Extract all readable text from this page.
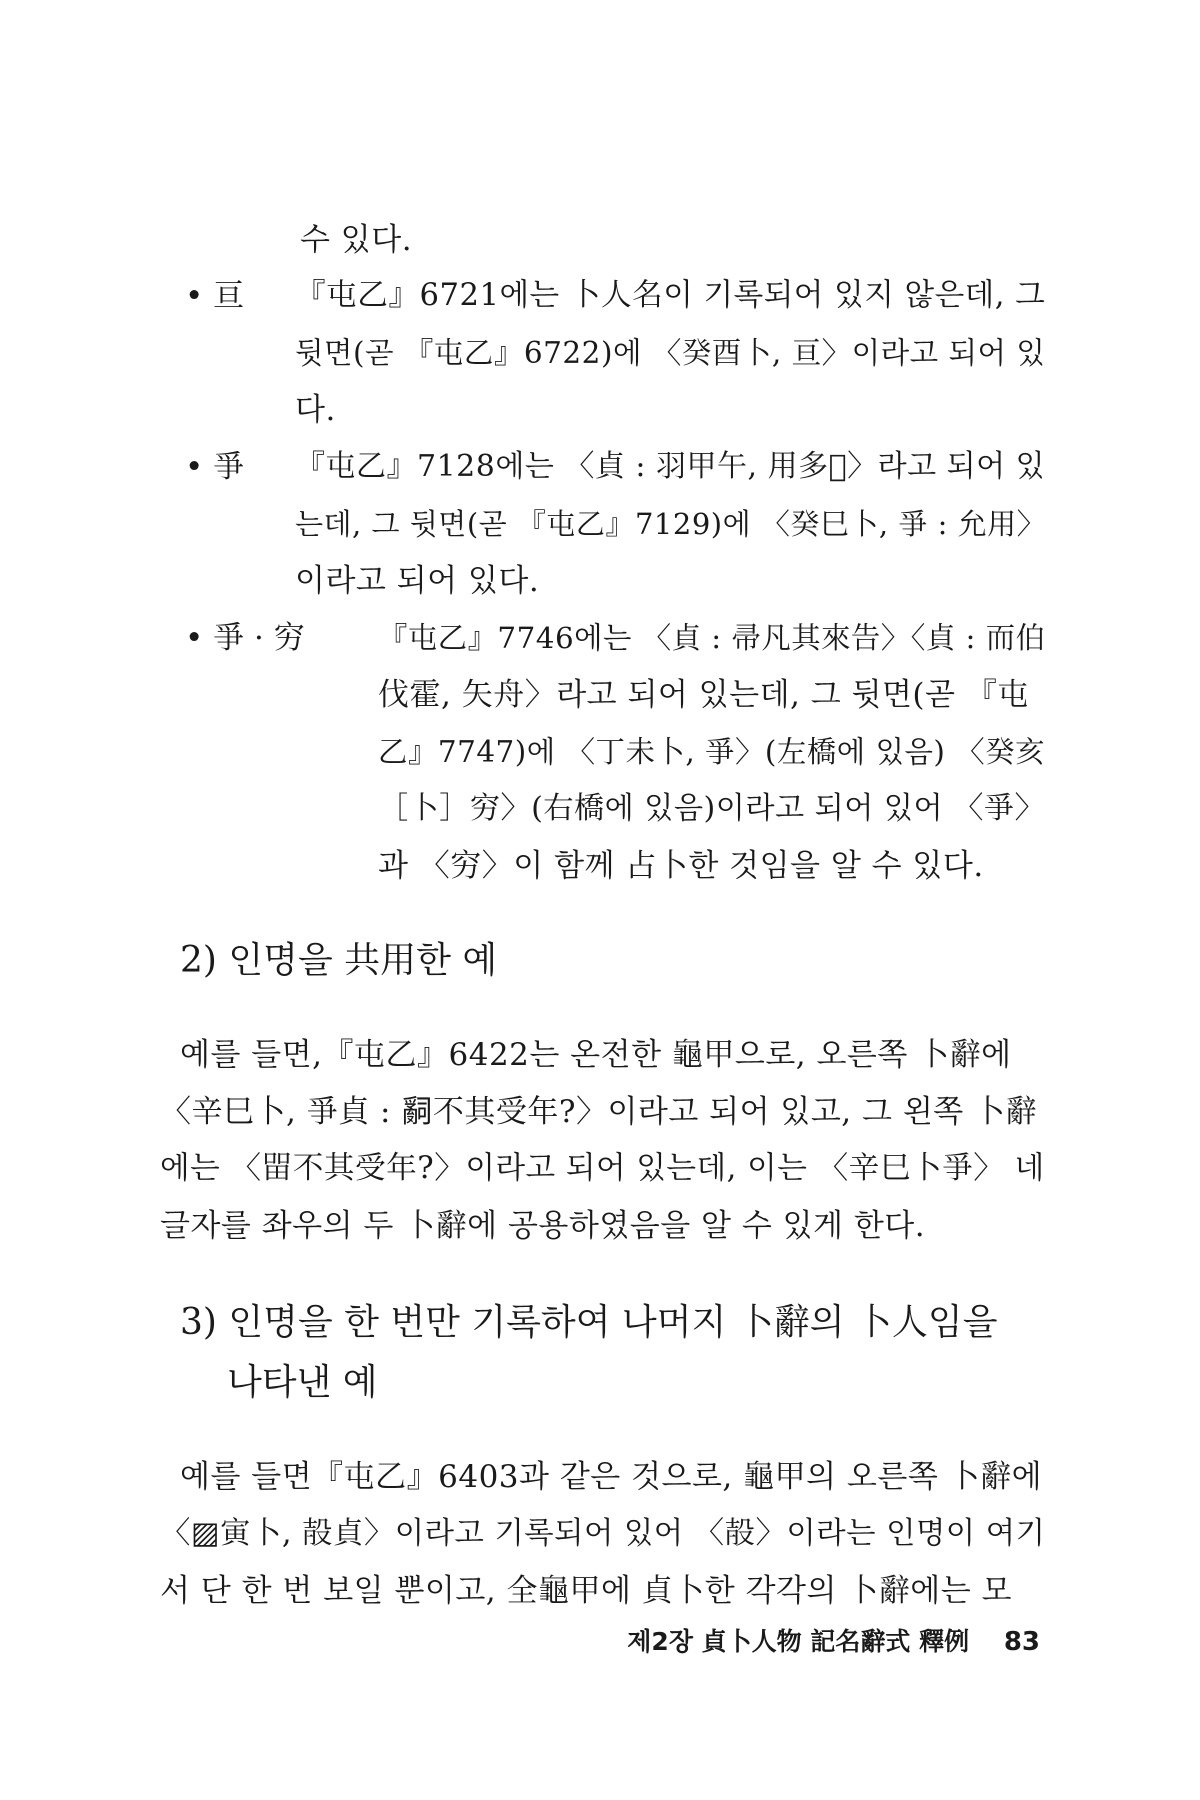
수 있다.
• 亘 『屯乙』6721에는 卜人名이 기록되어 있지 않은데, 그
뒷면(곧 『屯乙』6722)에 〈癸酉卜, 亘〉이라고 되어 있
다.
• 爭 『屯乙』7128에는 〈貞 : 羽甲午, 用多𡧊〉라고 되어 있
는데, 그 뒷면(곧 『屯乙』7129)에 〈癸巳卜, 爭 : 允用〉
이라고 되어 있다.
• 爭 · 穷 『屯乙』7746에는 〈貞 : 帚凡其來告〉〈貞 : 而伯
伐霍, 矢舟〉라고 되어 있는데, 그 뒷면(곧 『屯
乙』7747)에 〈丁未卜, 爭〉(左橋에 있음) 〈癸亥
［卜］穷〉(右橋에 있음)이라고 되어 있어 〈爭〉
과 〈穷〉이 함께 占卜한 것임을 알 수 있다.
2) 인명을 共用한 예
예를 들면,『屯乙』6422는 온전한 龜甲으로, 오른쪽 卜辭에
〈辛巳卜, 爭貞 : 𤔲不其受年?〉이라고 되어 있고, 그 왼쪽 卜辭
에는 〈㽞不其受年?〉이라고 되어 있는데, 이는 〈辛巳卜爭〉 네
글자를 좌우의 두 卜辭에 공용하였음을 알 수 있게 한다.
3) 인명을 한 번만 기록하여 나머지 卜辭의 卜人임을
나타낸 예
예를 들면『屯乙』6403과 같은 것으로, 龜甲의 오른쪽 卜辭에
〈▨寅卜, 㱿貞〉이라고 기록되어 있어 〈㱿〉이라는 인명이 여기
서 단 한 번 보일 뿐이고, 全龜甲에 貞卜한 각각의 卜辭에는 모
제2장 貞卜人物 記名辭式 釋例 83
